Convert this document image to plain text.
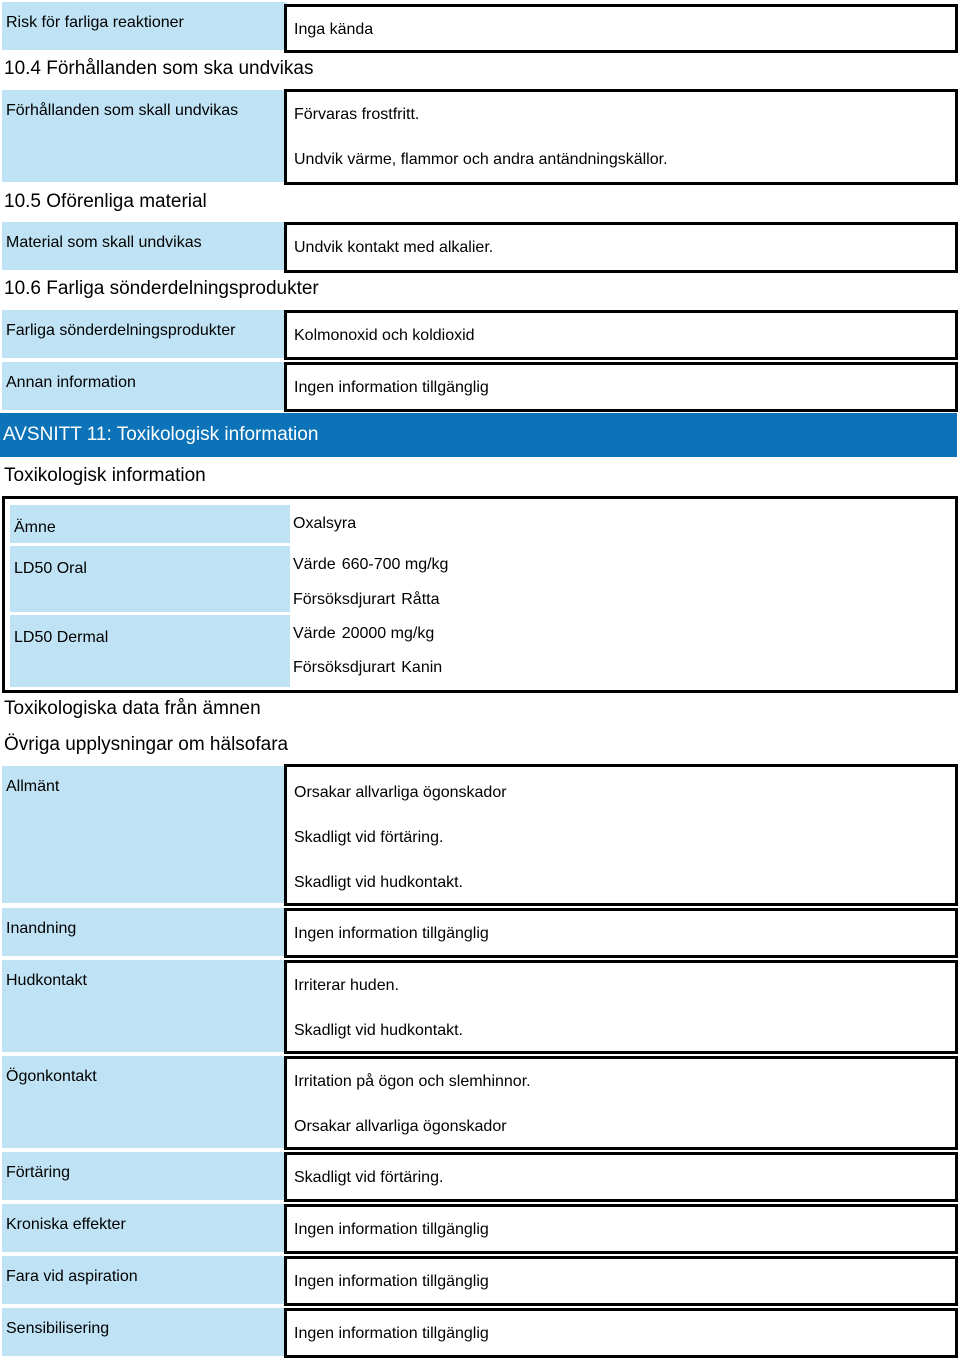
Risk för farliga reaktioner	Inga kända
10.4 Förhållanden som ska undvikas
Förhållanden som skall undvikas	Förvaras frostfritt.
Undvik värme, flammor och andra antändningskällor.
10.5 Oförenliga material
Material som skall undvikas	Undvik kontakt med alkalier.
10.6 Farliga sönderdelningsprodukter
Farliga sönderdelningsprodukter	Kolmonoxid och koldioxid
Annan information	Ingen information tillgänglig
AVSNITT 11: Toxikologisk information
Toxikologisk information
Ämne	Oxalsyra
LD50 Oral	Värde 660-700 mg/kg
Försöksdjurart Råtta
LD50 Dermal	Värde 20000 mg/kg
Försöksdjurart Kanin
Toxikologiska data från ämnen
Övriga upplysningar om hälsofara
Allmänt	Orsakar allvarliga ögonskador
Skadligt vid förtäring.
Skadligt vid hudkontakt.
Inandning	Ingen information tillgänglig
Hudkontakt	Irriterar huden.
Skadligt vid hudkontakt.
Ögonkontakt	Irritation på ögon och slemhinnor.
Orsakar allvarliga ögonskador
Förtäring	Skadligt vid förtäring.
Kroniska effekter	Ingen information tillgänglig
Fara vid aspiration	Ingen information tillgänglig
Sensibilisering	Ingen information tillgänglig
